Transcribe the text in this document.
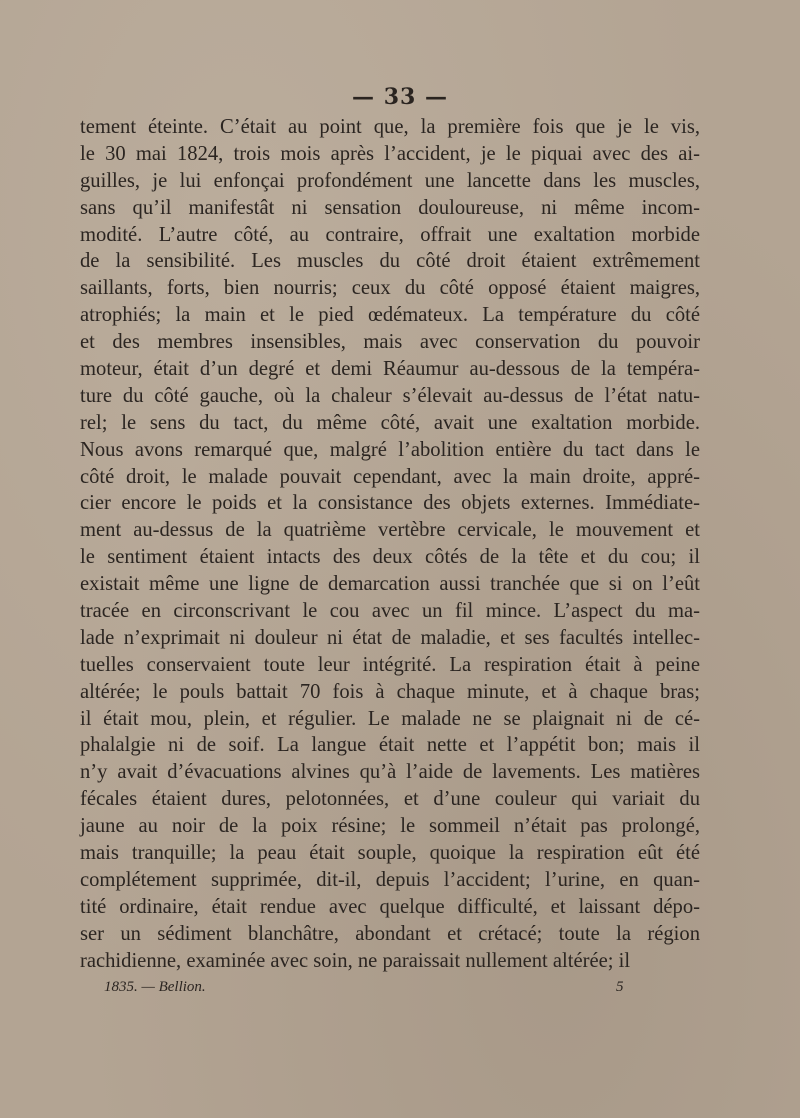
— 33 —
tement éteinte. C’était au point que, la première fois que je le vis,
le 30 mai 1824, trois mois après l’accident, je le piquai avec des ai-
guilles, je lui enfonçai profondément une lancette dans les muscles,
sans qu’il manifestât ni sensation douloureuse, ni même incom-
modité. L’autre côté, au contraire, offrait une exaltation morbide
de la sensibilité. Les muscles du côté droit étaient extrêmement
saillants, forts, bien nourris; ceux du côté opposé étaient maigres,
atrophiés; la main et le pied œdémateux. La température du côté
et des membres insensibles, mais avec conservation du pouvoir
moteur, était d’un degré et demi Réaumur au-dessous de la tempéra-
ture du côté gauche, où la chaleur s’élevait au-dessus de l’état natu-
rel; le sens du tact, du même côté, avait une exaltation morbide.
Nous avons remarqué que, malgré l’abolition entière du tact dans le
côté droit, le malade pouvait cependant, avec la main droite, appré-
cier encore le poids et la consistance des objets externes. Immédiate-
ment au-dessus de la quatrième vertèbre cervicale, le mouvement et
le sentiment étaient intacts des deux côtés de la tête et du cou; il
existait même une ligne de demarcation aussi tranchée que si on l’eût
tracée en circonscrivant le cou avec un fil mince. L’aspect du ma-
lade n’exprimait ni douleur ni état de maladie, et ses facultés intellec-
tuelles conservaient toute leur intégrité. La respiration était à peine
altérée; le pouls battait 70 fois à chaque minute, et à chaque bras;
il était mou, plein, et régulier. Le malade ne se plaignait ni de cé-
phalalgie ni de soif. La langue était nette et l’appétit bon; mais il
n’y avait d’évacuations alvines qu’à l’aide de lavements. Les matières
fécales étaient dures, pelotonnées, et d’une couleur qui variait du
jaune au noir de la poix résine; le sommeil n’était pas prolongé,
mais tranquille; la peau était souple, quoique la respiration eût été
complétement supprimée, dit-il, depuis l’accident; l’urine, en quan-
tité ordinaire, était rendue avec quelque difficulté, et laissant dépo-
ser un sédiment blanchâtre, abondant et crétacé; toute la région
rachidienne, examinée avec soin, ne paraissait nullement altérée; il
1835. — Bellion.	5
